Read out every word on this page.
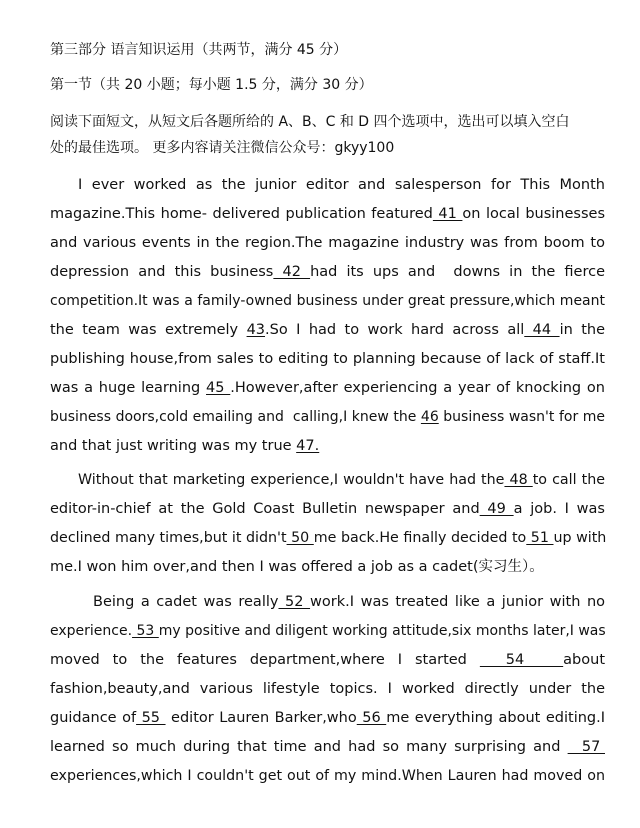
第三部分 语言知识运用（共两节，满分 45 分）
第一节（共 20 小题；每小题 1.5 分，满分 30 分）
阅读下面短文，从短文后各题所给的 A、B、C 和 D 四个选项中，选出可以填入空白
处的最佳选项。 更多内容请关注微信公众号：gkyy100
I ever worked as the junior editor and salesperson for This Month
magazine.This home- delivered publication featured 41 on local businesses
and various events in the region.The magazine industry was from boom to
depression and this business 42 had its ups and  downs in the fierce
competition.It was a family-owned business under great pressure,which meant
the team was extremely 43.So I had to work hard across all 44 in the
publishing house,from sales to editing to planning because of lack of staff.It
was a huge learning 45 .However,after experiencing a year of knocking on
business doors,cold emailing and  calling,I knew the 46 business wasn't for me
and that just writing was my true 47.
Without that marketing experience,I wouldn't have had the 48 to call the
editor-in-chief at the Gold Coast Bulletin newspaper and 49 a job. I was
declined many times,but it didn't 50 me back.He finally decided to 51 up with
me.I won him over,and then I was offered a job as a cadet(实习生）。
Being a cadet was really 52 work.I was treated like a junior with no
experience. 53 my positive and diligent working attitude,six months later,I was
moved to the features department,where I started   54   about
fashion,beauty,and various lifestyle topics. I worked directly under the
guidance of 55  editor Lauren Barker,who 56 me everything about editing.I
learned so much during that time and had so many surprising and   57
experiences,which I couldn't get out of my mind.When Lauren had moved on
